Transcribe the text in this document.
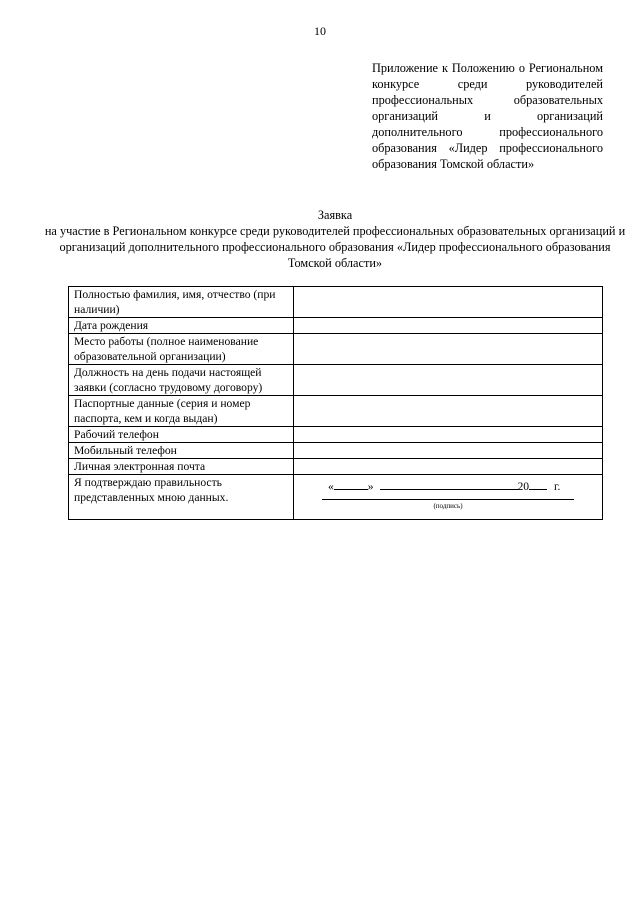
10
Приложение к Положению о Региональном конкурсе среди руководителей профессиональных образовательных организаций и организаций дополнительного профессионального образования «Лидер профессионального образования Томской области»
Заявка
на участие в Региональном конкурсе среди руководителей профессиональных образовательных организаций и организаций дополнительного профессионального образования «Лидер профессионального образования Томской области»
Полностью фамилия, имя, отчество (при наличии)	
Дата рождения	
Место работы (полное наименование образовательной организации)	
Должность на день подачи настоящей заявки (согласно трудовому договору)	
Паспортные данные (серия и номер паспорта, кем и когда выдан)	
Рабочий телефон	
Мобильный телефон	
Личная электронная почта	
Я подтверждаю правильность представленных мною данных.	« » 20 г.
(подпись)
